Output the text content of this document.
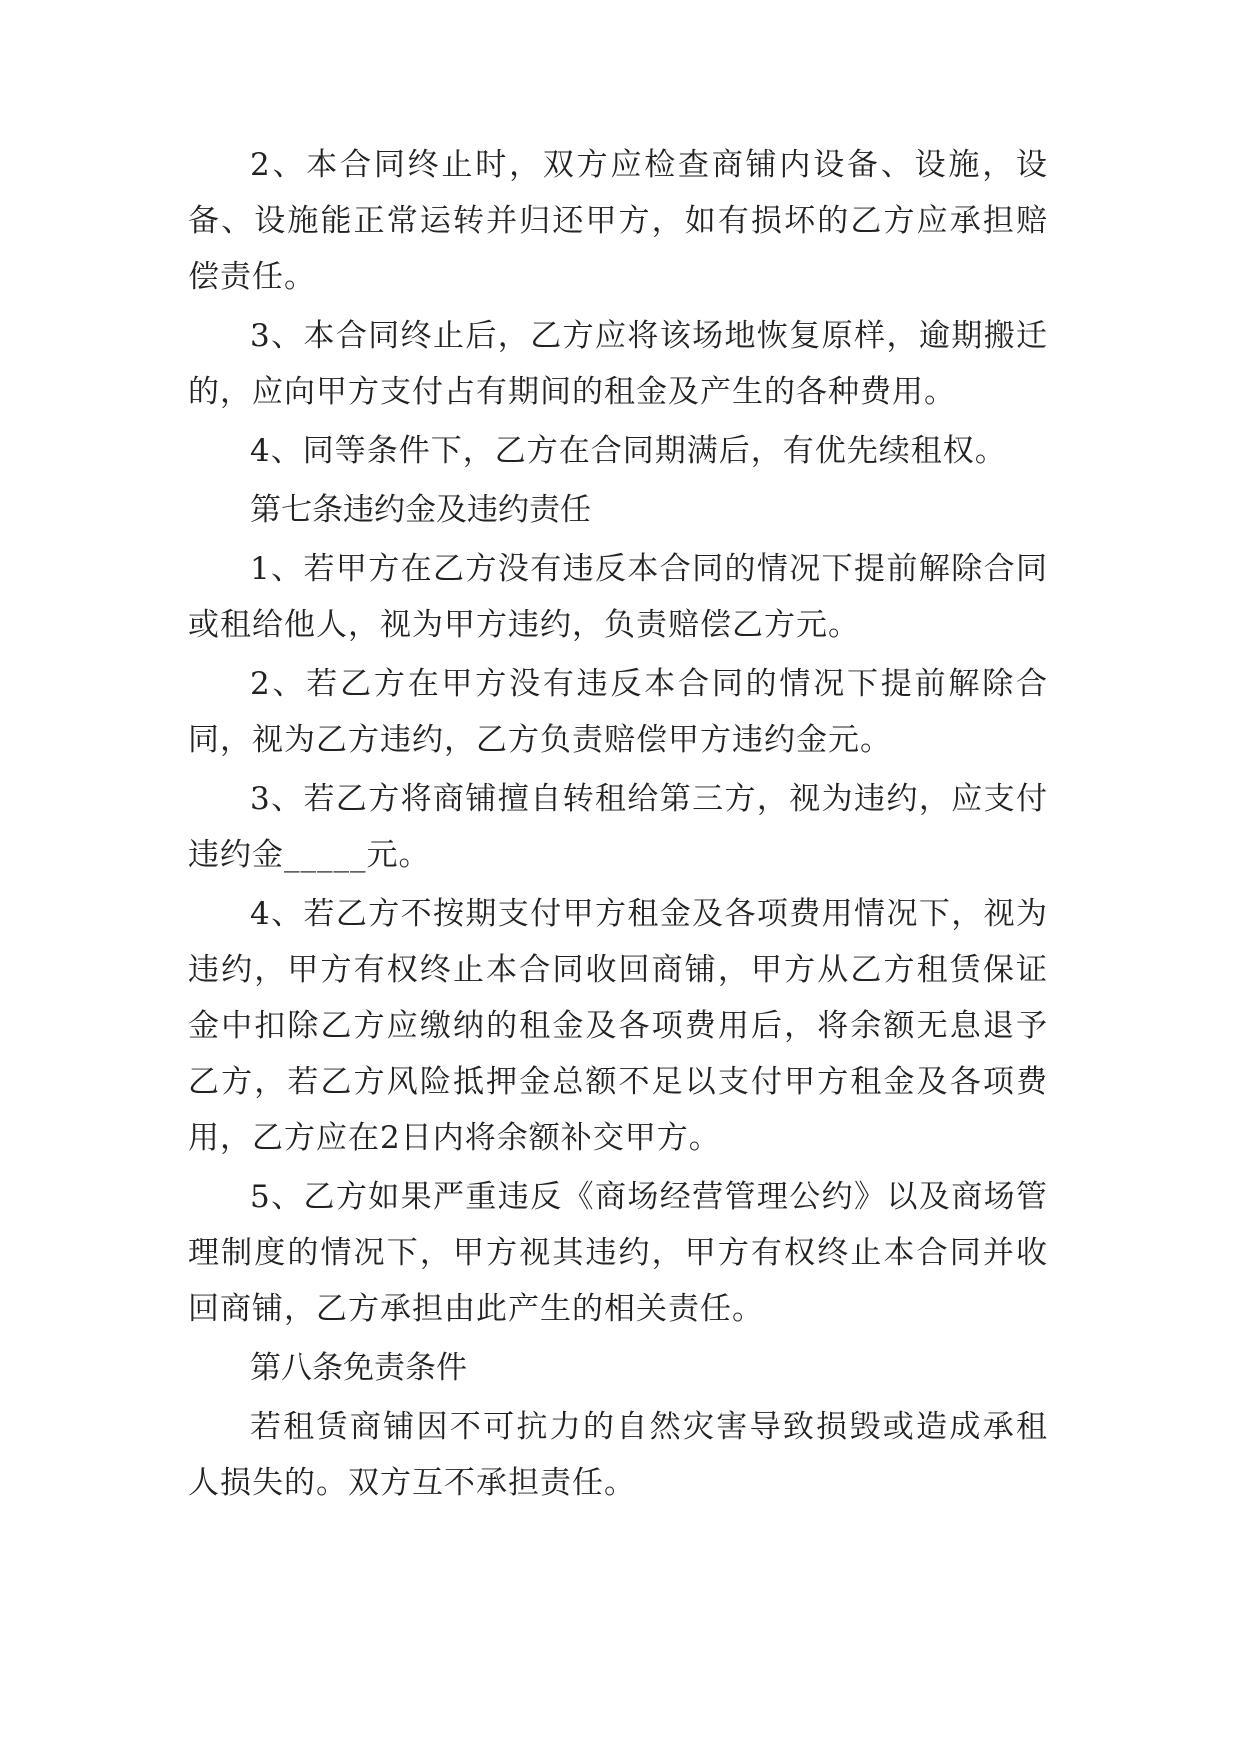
2、本合同终止时，双方应检查商铺内设备、设施，设备、设施能正常运转并归还甲方，如有损坏的乙方应承担赔偿责任。

3、本合同终止后，乙方应将该场地恢复原样，逾期搬迁的，应向甲方支付占有期间的租金及产生的各种费用。

4、同等条件下，乙方在合同期满后，有优先续租权。

第七条违约金及违约责任

1、若甲方在乙方没有违反本合同的情况下提前解除合同或租给他人，视为甲方违约，负责赔偿乙方元。

2、若乙方在甲方没有违反本合同的情况下提前解除合同，视为乙方违约，乙方负责赔偿甲方违约金元。

3、若乙方将商铺擅自转租给第三方，视为违约，应支付违约金_____元。

4、若乙方不按期支付甲方租金及各项费用情况下，视为违约，甲方有权终止本合同收回商铺，甲方从乙方租赁保证金中扣除乙方应缴纳的租金及各项费用后，将余额无息退予乙方，若乙方风险抵押金总额不足以支付甲方租金及各项费用，乙方应在2日内将余额补交甲方。

5、乙方如果严重违反《商场经营管理公约》以及商场管理制度的情况下，甲方视其违约，甲方有权终止本合同并收回商铺，乙方承担由此产生的相关责任。

第八条免责条件

若租赁商铺因不可抗力的自然灾害导致损毁或造成承租人损失的。双方互不承担责任。
